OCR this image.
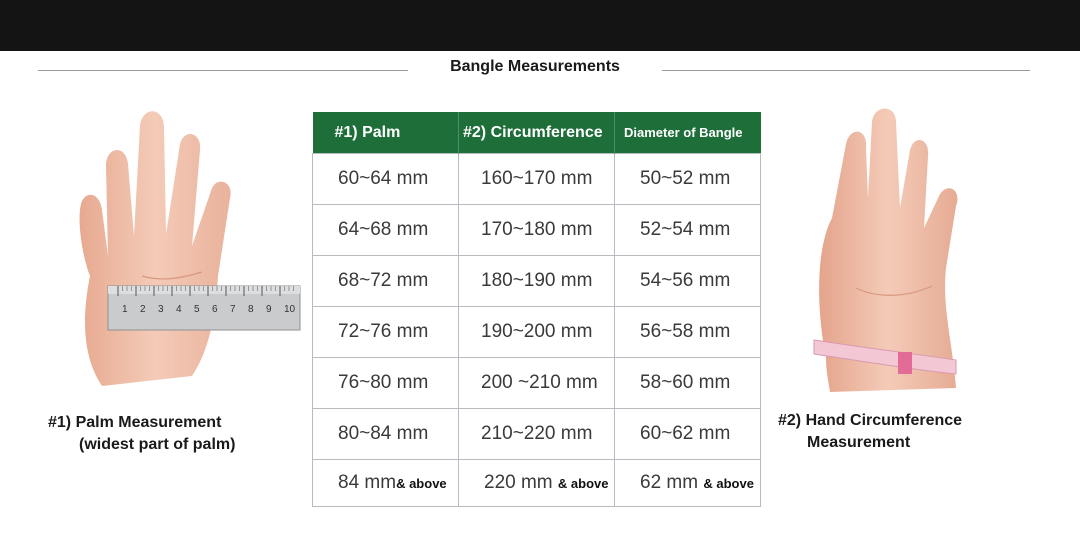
Bangle Measurements
1 2 3 4 5 6 7 8 9 10
#1) Palm	#2) Circumference	Diameter of Bangle
60~64 mm	160~170 mm	50~52 mm
64~68 mm	170~180 mm	52~54 mm
68~72 mm	180~190 mm	54~56 mm
72~76 mm	190~200 mm	56~58 mm
76~80 mm	200 ~210 mm	58~60 mm
80~84 mm	210~220 mm	60~62 mm
84 mm& above	220 mm & above	62 mm & above
#1) Palm Measurement
(widest part of palm)
#2) Hand Circumference
Measurement
